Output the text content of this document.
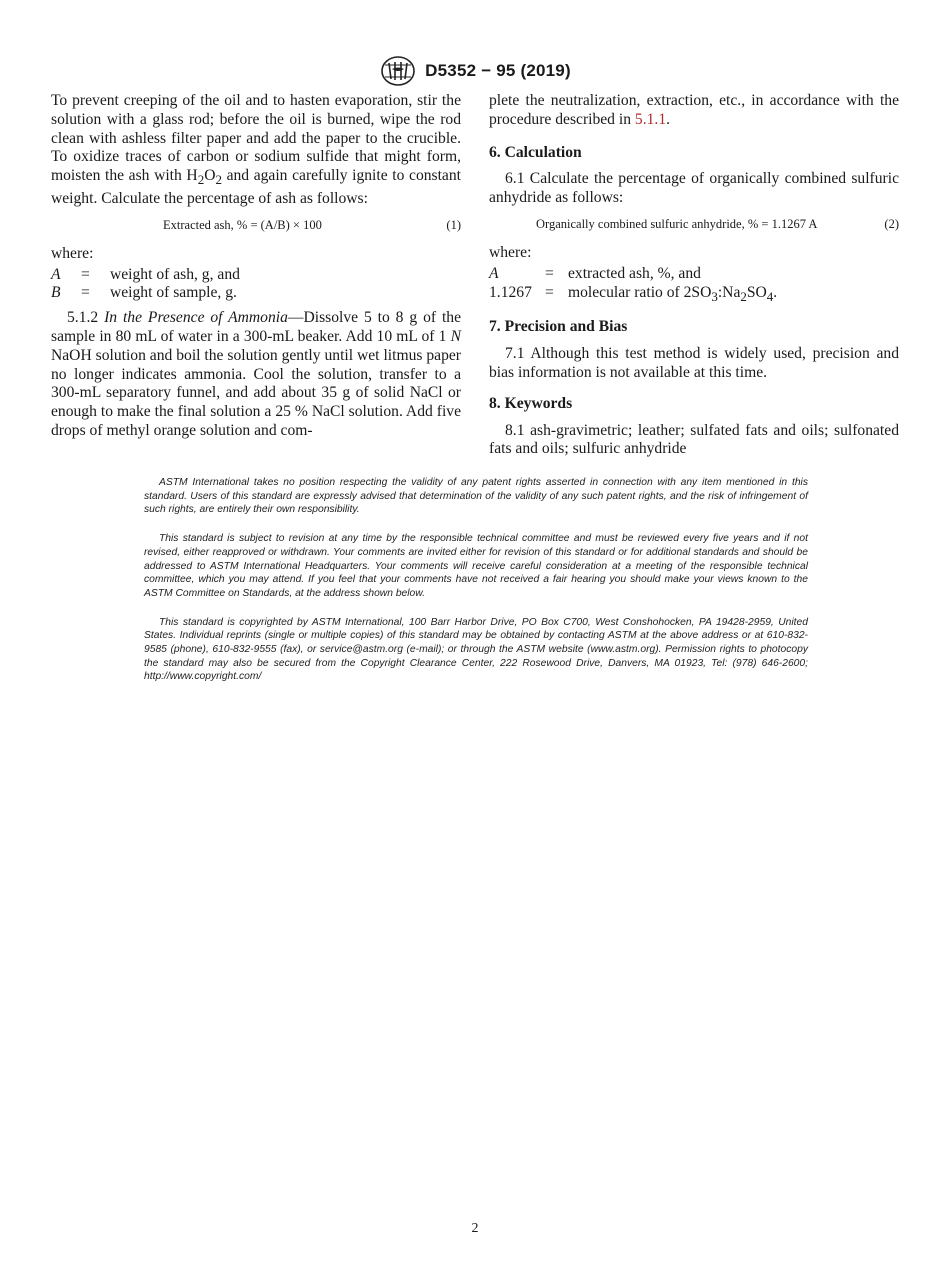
D5352 − 95 (2019)

To prevent creeping of the oil and to hasten evaporation, stir the solution with a glass rod; before the oil is burned, wipe the rod clean with ashless filter paper and add the paper to the crucible. To oxidize traces of carbon or sodium sulfide that might form, moisten the ash with $H_2O_2$ and again carefully ignite to constant weight. Calculate the percentage of ash as follows:

Extracted ash, % = (A/B) × 100	(1)

where:

A	=	weight of ash, g, and
B	=	weight of sample, g.

5.1.2 In the Presence of Ammonia—Dissolve 5 to 8 g of the sample in 80 mL of water in a 300-mL beaker. Add 10 mL of 1 N NaOH solution and boil the solution gently until wet litmus paper no longer indicates ammonia. Cool the solution, transfer to a 300-mL separatory funnel, and add about 35 g of solid NaCl or enough to make the final solution a 25 % NaCl solution. Add five drops of methyl orange solution and com-

plete the neutralization, extraction, etc., in accordance with the procedure described in 5.1.1.

6. Calculation

6.1 Calculate the percentage of organically combined sulfuric anhydride as follows:

Organically combined sulfuric anhydride, % = 1.1267 A	(2)

where:

A	= extracted ash, %, and
1.1267 = molecular ratio of $2SO_3:Na_2SO_4$.

7. Precision and Bias

7.1 Although this test method is widely used, precision and bias information is not available at this time.

8. Keywords

8.1 ash-gravimetric; leather; sulfated fats and oils; sulfonated fats and oils; sulfuric anhydride

ASTM International takes no position respecting the validity of any patent rights asserted in connection with any item mentioned in this standard. Users of this standard are expressly advised that determination of the validity of any such patent rights, and the risk of infringement of such rights, are entirely their own responsibility.

This standard is subject to revision at any time by the responsible technical committee and must be reviewed every five years and if not revised, either reapproved or withdrawn. Your comments are invited either for revision of this standard or for additional standards and should be addressed to ASTM International Headquarters. Your comments will receive careful consideration at a meeting of the responsible technical committee, which you may attend. If you feel that your comments have not received a fair hearing you should make your views known to the ASTM Committee on Standards, at the address shown below.

This standard is copyrighted by ASTM International, 100 Barr Harbor Drive, PO Box C700, West Conshohocken, PA 19428-2959, United States. Individual reprints (single or multiple copies) of this standard may be obtained by contacting ASTM at the above address or at 610-832-9585 (phone), 610-832-9555 (fax), or service@astm.org (e-mail); or through the ASTM website (www.astm.org). Permission rights to photocopy the standard may also be secured from the Copyright Clearance Center, 222 Rosewood Drive, Danvers, MA 01923, Tel: (978) 646-2600; http://www.copyright.com/

2
